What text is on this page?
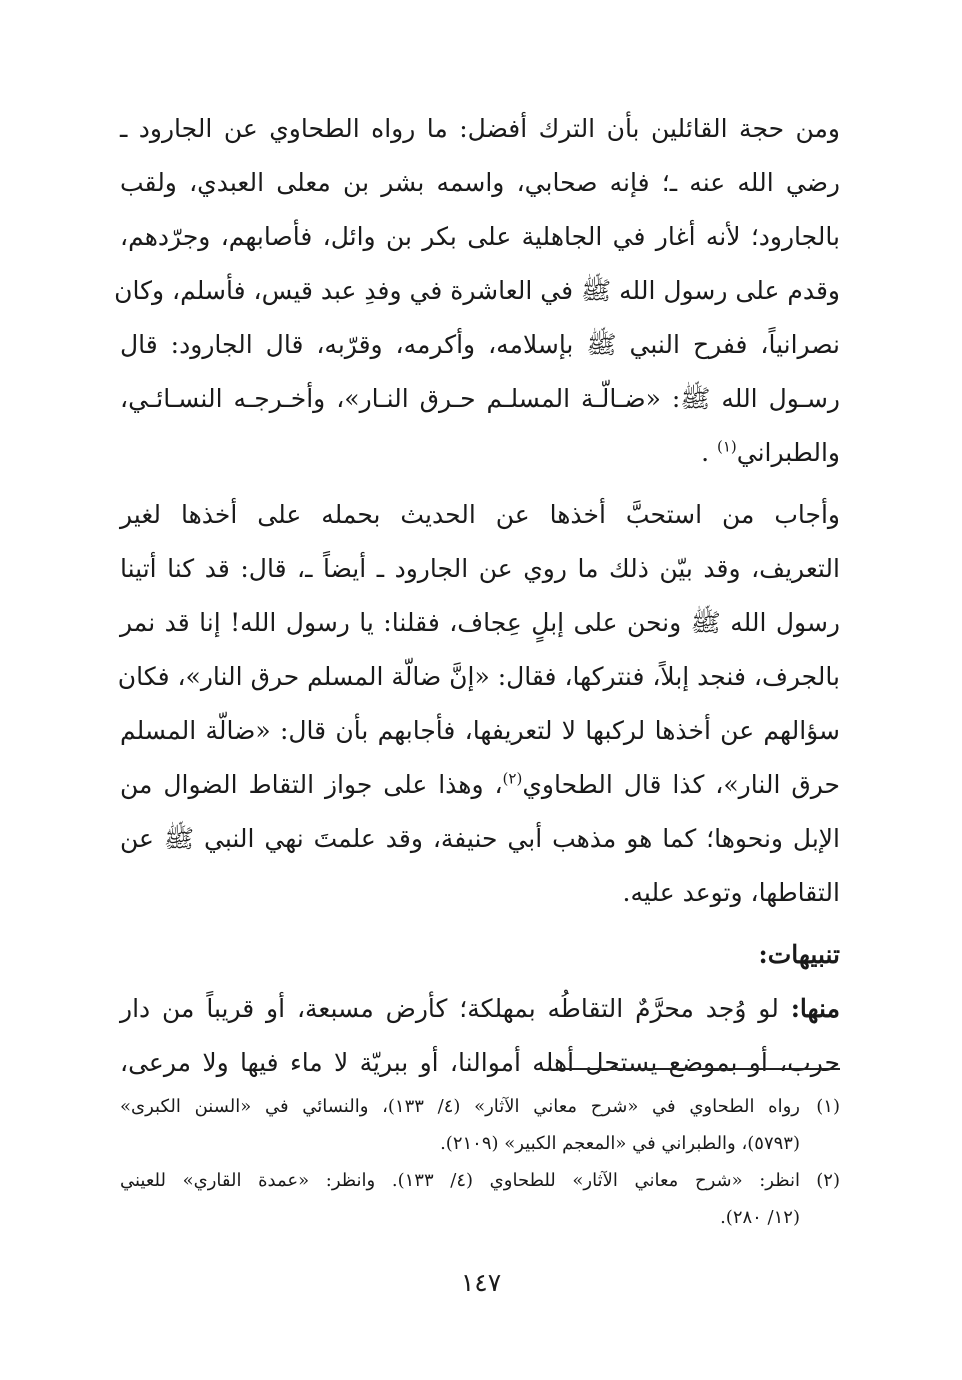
ومن حجة القائلين بأن الترك أفضل: ما رواه الطحاوي عن الجارود ـ
رضي الله عنه ـ؛ فإنه صحابي، واسمه بشر بن معلى العبدي، ولقب
بالجارود؛ لأنه أغار في الجاهلية على بكر بن وائل، فأصابهم، وجرّدهم،
وقدم على رسول الله ﷺ في العاشرة في وفدِ عبد قيس، فأسلم، وكان
نصرانياً، ففرح النبي ﷺ بإسلامه، وأكرمه، وقرّبه، قال الجارود: قال
رسـول الله ﷺ: «ضـالّـة المسلـم حـرق النـار»، وأخـرجـه النسـائـي،
والطبراني$^{(١)}$ .
وأجاب من استحبَّ أخذها عن الحديث بحمله على أخذها لغير
التعريف، وقد بيّن ذلك ما روي عن الجارود ـ أيضاً ـ، قال: قد كنا أتينا
رسول الله ﷺ ونحن على إبلٍ عِجاف، فقلنا: يا رسول الله! إنا قد نمر
بالجرف، فنجد إبلاً، فنتركها، فقال: «إنَّ ضالّة المسلم حرق النار»، فكان
سؤالهم عن أخذها لركبها لا لتعريفها، فأجابهم بأن قال: «ضالّة المسلم
حرق النار»، كذا قال الطحاوي$^{(٢)}$، وهذا على جواز التقاط الضوال من
الإبل ونحوها؛ كما هو مذهب أبي حنيفة، وقد علمتَ نهي النبي ﷺ عن
التقاطها، وتوعد عليه.
تنبيهات:
منها: لو وُجد محرَّمٌ التقاطُه بمهلكة؛ كأرض مسبعة، أو قريباً من دار
حرب، أو بموضع يستحل أهله أموالنا، أو ببريّة لا ماء فيها ولا مرعى،
(١)
رواه الطحاوي في «شرح معاني الآثار» (٤/ ١٣٣)، والنسائي في «السنن الكبرى»
(٥٧٩٣)، والطبراني في «المعجم الكبير» (٢١٠٩).
(٢)
انظر: «شرح معاني الآثار» للطحاوي (٤/ ١٣٣). وانظر: «عمدة القاري» للعيني
(١٢/ ٢٨٠).
١٤٧
